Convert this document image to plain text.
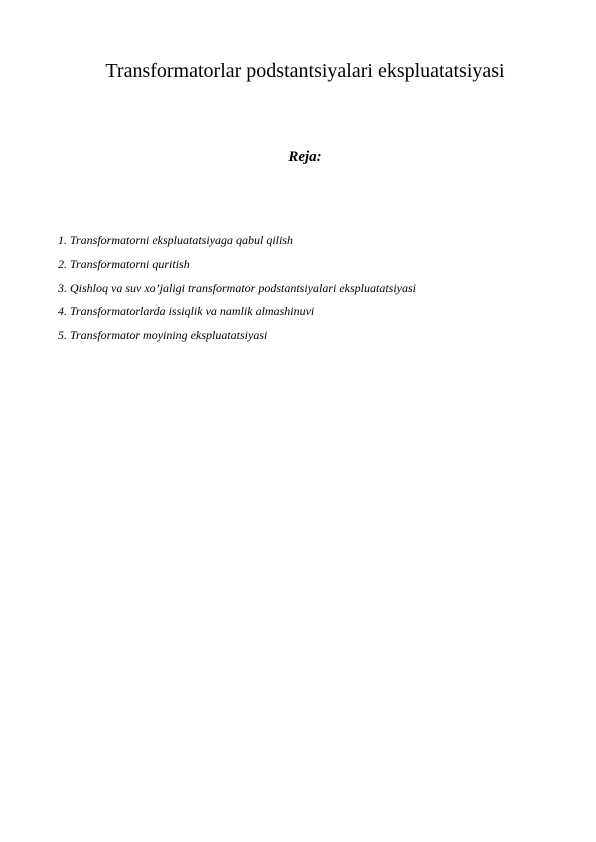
Transformatorlar podstantsiyalari ekspluatatsiyasi

Reja:

1. Transformatorni ekspluatatsiyaga qabul qilish
2. Transformatorni quritish
3. Qishloq va suv xo’jaligi transformator podstantsiyalari ekspluatatsiyasi
4. Transformatorlarda issiqlik va namlik almashinuvi
5. Transformator moyining ekspluatatsiyasi
